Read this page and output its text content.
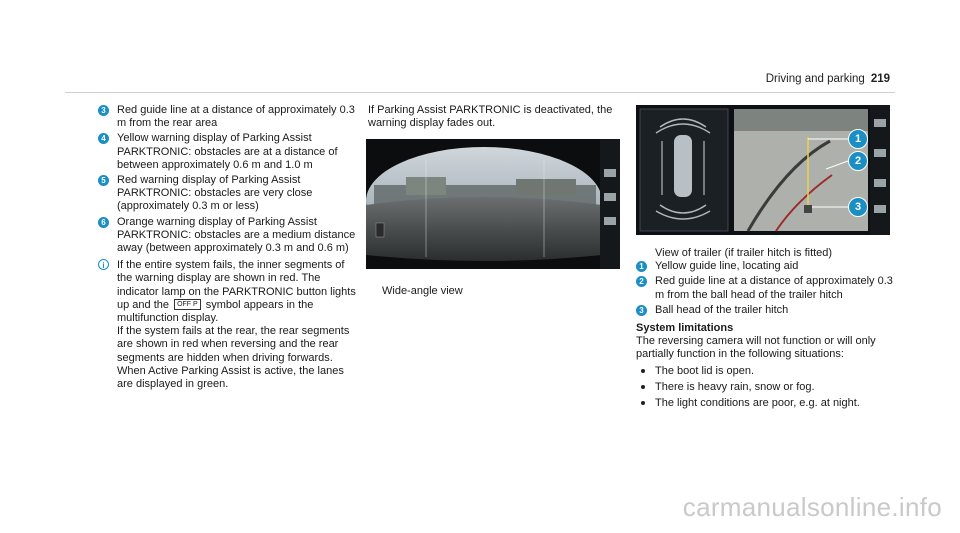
Driving and parking 219
3 Red guide line at a distance of approximately 0.3 m from the rear area
4 Yellow warning display of Parking Assist PARKTRONIC: obstacles are at a distance of between approximately 0.6 m and 1.0 m
5 Red warning display of Parking Assist PARKTRONIC: obstacles are very close (approximately 0.3 m or less)
6 Orange warning display of Parking Assist PARKTRONIC: obstacles are a medium distance away (between approximately 0.3 m and 0.6 m)
i	If the entire system fails, the inner segments of the warning display are shown in red. The indicator lamp on the PARKTRONIC button lights up and the OFF P symbol appears in the multifunction display.

If the system fails at the rear, the rear segments are shown in red when reversing and the rear segments are hidden when driving forwards.

When Active Parking Assist is active, the lanes are displayed in green.

If Parking Assist PARKTRONIC is deactivated, the warning display fades out.

Wide-angle view
1
2
3

View of trailer (if trailer hitch is fitted)

1 Yellow guide line, locating aid
2 Red guide line at a distance of approximately 0.3 m from the ball head of the trailer hitch
3 Ball head of the trailer hitch

System limitations

The reversing camera will not function or will only partially function in the following situations:

The boot lid is open.
There is heavy rain, snow or fog.
The light conditions are poor, e.g. at night.
carmanualsonline.info
